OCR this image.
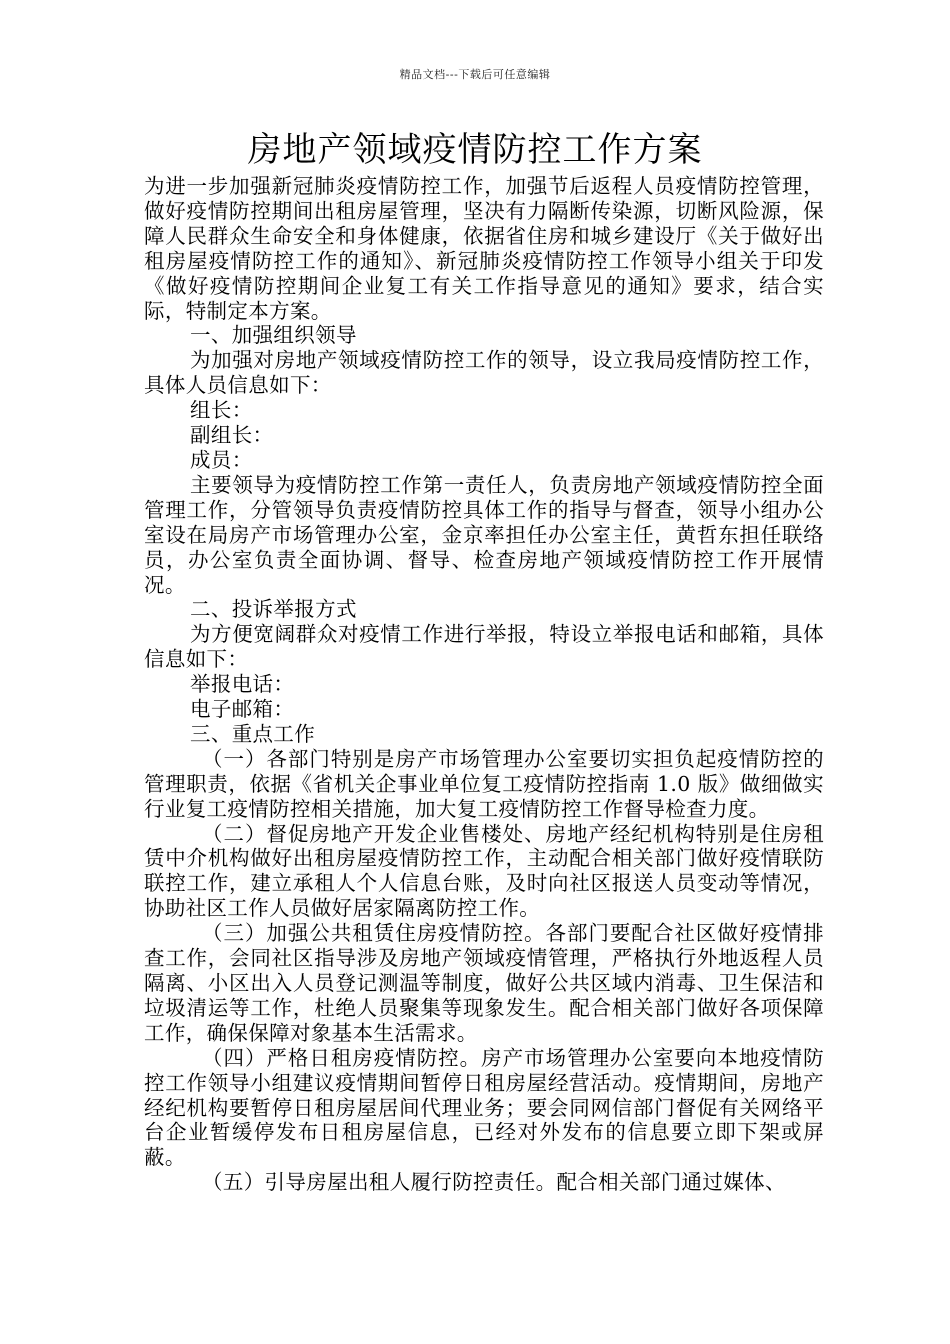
精品文档---下载后可任意编辑
房地产领域疫情防控工作方案

为进一步加强新冠肺炎疫情防控工作，加强节后返程人员疫情防控管理，做好疫情防控期间出租房屋管理，坚决有力隔断传染源，切断风险源，保障人民群众生命安全和身体健康，依据省住房和城乡建设厅《关于做好出租房屋疫情防控工作的通知》、新冠肺炎疫情防控工作领导小组关于印发《做好疫情防控期间企业复工有关工作指导意见的通知》要求，结合实际，特制定本方案。

一、加强组织领导

为加强对房地产领域疫情防控工作的领导，设立我局疫情防控工作，具体人员信息如下：

组长：

副组长：

成员：

主要领导为疫情防控工作第一责任人，负责房地产领域疫情防控全面管理工作，分管领导负责疫情防控具体工作的指导与督查，领导小组办公室设在局房产市场管理办公室，金京率担任办公室主任，黄哲东担任联络员，办公室负责全面协调、督导、检查房地产领域疫情防控工作开展情况。

二、投诉举报方式

为方便宽阔群众对疫情工作进行举报，特设立举报电话和邮箱，具体信息如下：

举报电话：

电子邮箱：

三、重点工作

（一）各部门特别是房产市场管理办公室要切实担负起疫情防控的管理职责，依据《省机关企事业单位复工疫情防控指南 1.0 版》做细做实行业复工疫情防控相关措施，加大复工疫情防控工作督导检查力度。

（二）督促房地产开发企业售楼处、房地产经纪机构特别是住房租赁中介机构做好出租房屋疫情防控工作，主动配合相关部门做好疫情联防联控工作，建立承租人个人信息台账，及时向社区报送人员变动等情况，协助社区工作人员做好居家隔离防控工作。

（三）加强公共租赁住房疫情防控。各部门要配合社区做好疫情排查工作，会同社区指导涉及房地产领域疫情管理，严格执行外地返程人员隔离、小区出入人员登记测温等制度，做好公共区域内消毒、卫生保洁和垃圾清运等工作，杜绝人员聚集等现象发生。配合相关部门做好各项保障工作，确保保障对象基本生活需求。

（四）严格日租房疫情防控。房产市场管理办公室要向本地疫情防控工作领导小组建议疫情期间暂停日租房屋经营活动。疫情期间，房地产经纪机构要暂停日租房屋居间代理业务；要会同网信部门督促有关网络平台企业暂缓停发布日租房屋信息，已经对外发布的信息要立即下架或屏蔽。

（五）引导房屋出租人履行防控责任。配合相关部门通过媒体、
